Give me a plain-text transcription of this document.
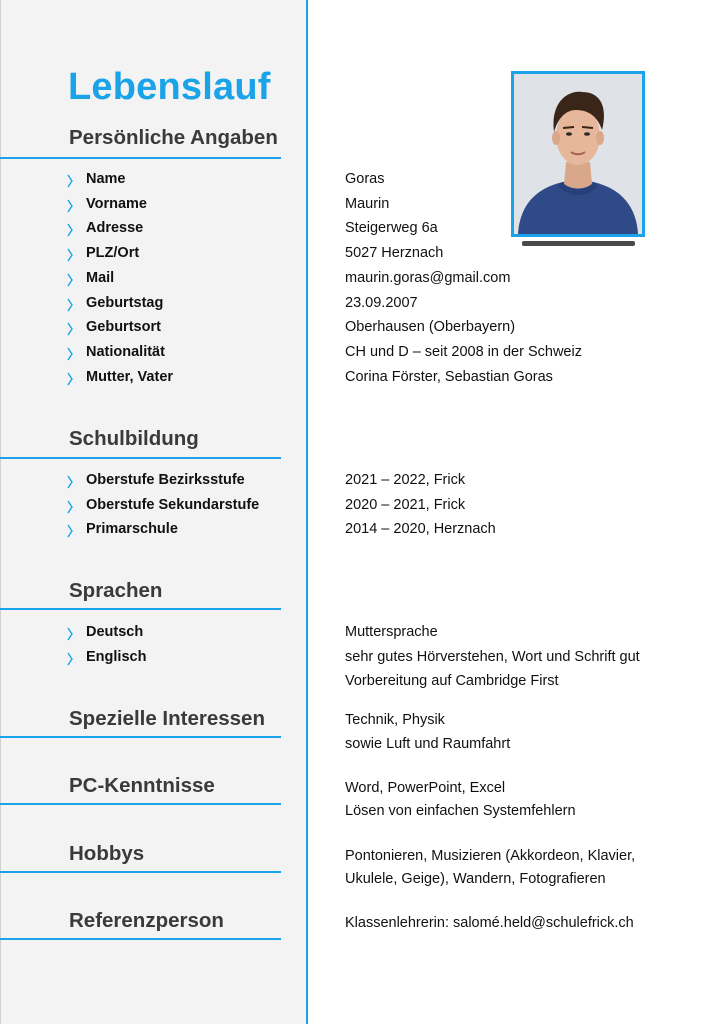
Lebenslauf
Persönliche Angaben
Name	Goras
Vorname	Maurin
Adresse	Steigerweg 6a
PLZ/Ort	5027 Herznach
Mail	maurin.goras@gmail.com
Geburtstag	23.09.2007
Geburtsort	Oberhausen (Oberbayern)
Nationalität	CH und D – seit 2008 in der Schweiz
Mutter, Vater	Corina Förster, Sebastian Goras
Schulbildung
Oberstufe Bezirksstufe	2021 – 2022, Frick
Oberstufe Sekundarstufe	2020 – 2021, Frick
Primarschule	2014 – 2020, Herznach
Sprachen
Deutsch	Muttersprache
Englisch	sehr gutes Hörverstehen, Wort und Schrift gut
Vorbereitung auf Cambridge First
Spezielle Interessen	Technik, Physik
sowie Luft und Raumfahrt
PC-Kenntnisse	Word, PowerPoint, Excel
Lösen von einfachen Systemfehlern
Hobbys	Pontonieren, Musizieren (Akkordeon, Klavier,
Ukulele, Geige), Wandern, Fotografieren
Referenzperson	Klassenlehrerin: salomé.held@schulefrick.ch
